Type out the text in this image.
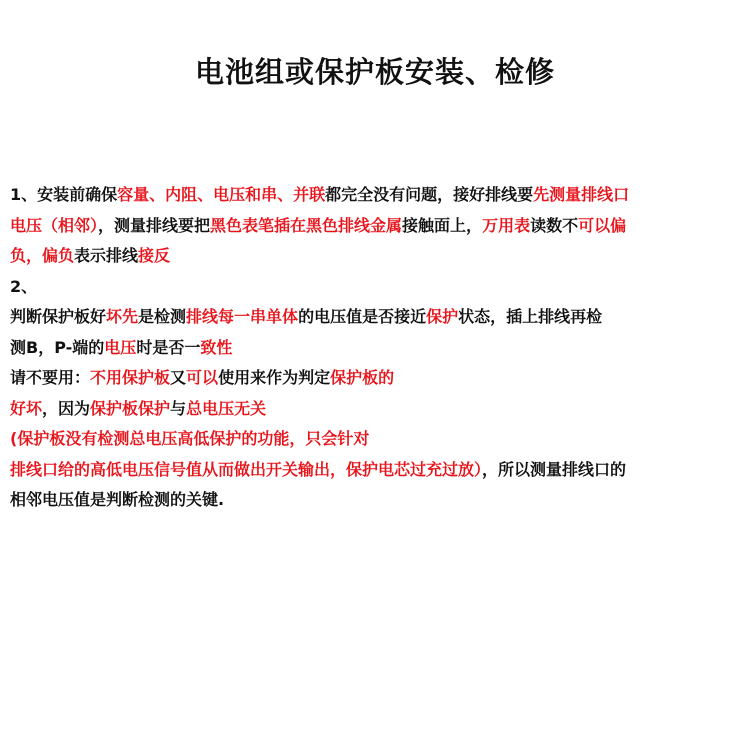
电池组或保护板安装、检修
1、安装前确保容量、内阻、电压和串、并联都完全没有问题，接好排线要先测量排线口
电压（相邻），测量排线要把黑色表笔插在黑色排线金属接触面上，万用表读数不可以偏
负，偏负表示排线接反
2、
判断保护板好坏先是检测排线每一串单体的电压值是否接近保护状态，插上排线再检
测B，P-端的电压时是否一致性
请不要用：不用保护板又可以使用来作为判定保护板的
好坏，因为保护板保护与总电压无关
(保护板没有检测总电压高低保护的功能，只会针对
排线口给的高低电压信号值从而做出开关输出，保护电芯过充过放），所以测量排线口的
相邻电压值是判断检测的关键.
